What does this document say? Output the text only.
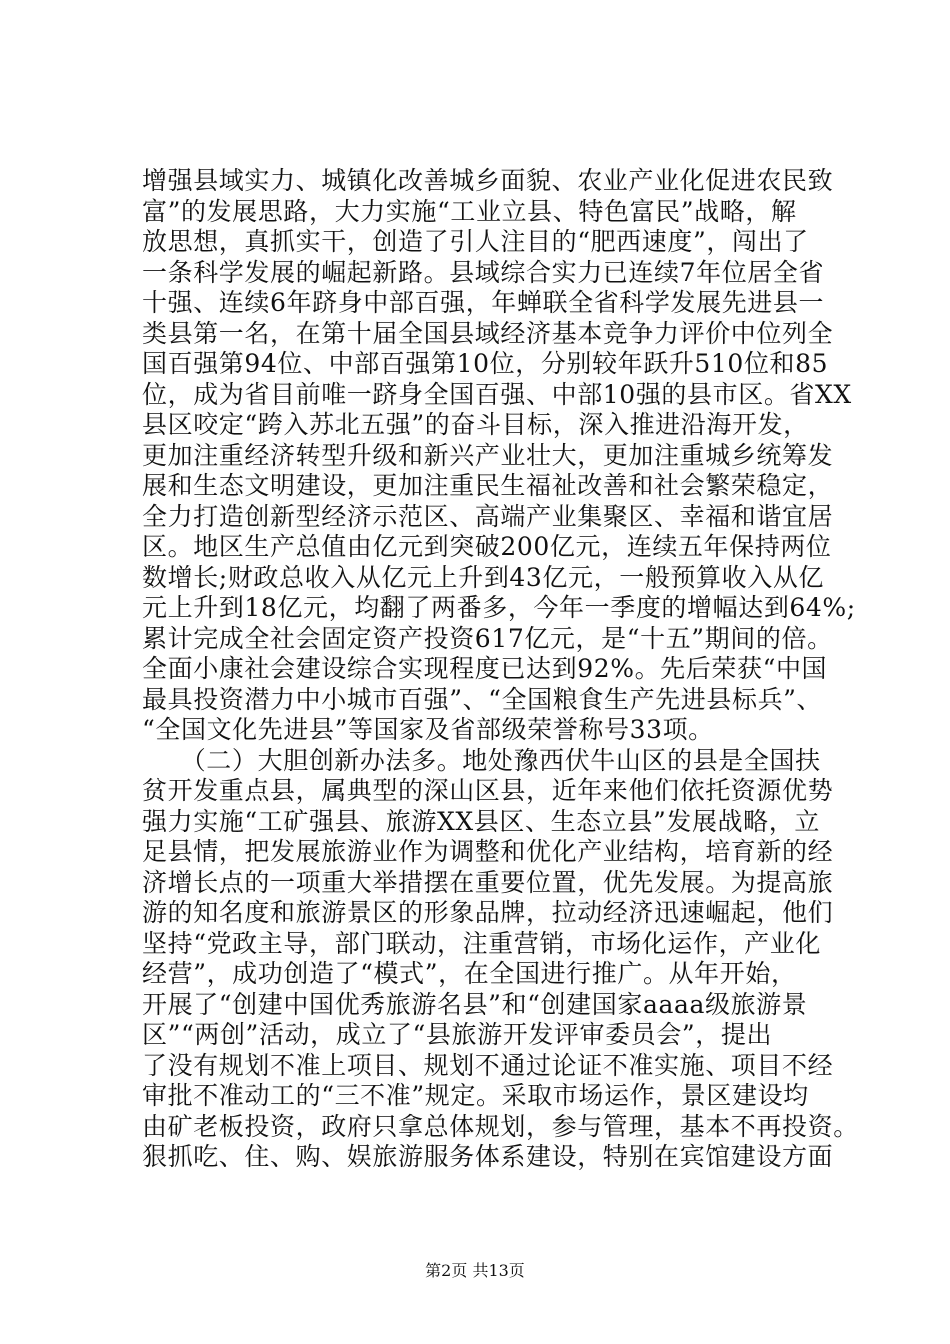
增强县域实力、城镇化改善城乡面貌、农业产业化促进农民致
富”的发展思路，大力实施“工业立县、特色富民”战略，解
放思想，真抓实干，创造了引人注目的“肥西速度”，闯出了
一条科学发展的崛起新路。县域综合实力已连续7年位居全省
十强、连续6年跻身中部百强，年蝉联全省科学发展先进县一
类县第一名，在第十届全国县域经济基本竞争力评价中位列全
国百强第94位、中部百强第10位，分别较年跃升510位和85
位，成为省目前唯一跻身全国百强、中部10强的县市区。省XX
县区咬定“跨入苏北五强”的奋斗目标，深入推进沿海开发，
更加注重经济转型升级和新兴产业壮大，更加注重城乡统筹发
展和生态文明建设，更加注重民生福祉改善和社会繁荣稳定，
全力打造创新型经济示范区、高端产业集聚区、幸福和谐宜居
区。地区生产总值由亿元到突破200亿元，连续五年保持两位
数增长;财政总收入从亿元上升到43亿元，一般预算收入从亿
元上升到18亿元，均翻了两番多，今年一季度的增幅达到64%;
累计完成全社会固定资产投资617亿元，是“十五”期间的倍。
全面小康社会建设综合实现程度已达到92%。先后荣获“中国
最具投资潜力中小城市百强”、“全国粮食生产先进县标兵”、
“全国文化先进县”等国家及省部级荣誉称号33项。
　　（二）大胆创新办法多。地处豫西伏牛山区的县是全国扶
贫开发重点县，属典型的深山区县，近年来他们依托资源优势
强力实施“工矿强县、旅游XX县区、生态立县”发展战略，立
足县情，把发展旅游业作为调整和优化产业结构，培育新的经
济增长点的一项重大举措摆在重要位置，优先发展。为提高旅
游的知名度和旅游景区的形象品牌，拉动经济迅速崛起，他们
坚持“党政主导，部门联动，注重营销，市场化运作，产业化
经营”，成功创造了“模式”，在全国进行推广。从年开始，
开展了“创建中国优秀旅游名县”和“创建国家aaaa级旅游景
区”“两创”活动，成立了“县旅游开发评审委员会”，提出
了没有规划不准上项目、规划不通过论证不准实施、项目不经
审批不准动工的“三不准”规定。采取市场运作，景区建设均
由矿老板投资，政府只拿总体规划，参与管理，基本不再投资。
狠抓吃、住、购、娱旅游服务体系建设，特别在宾馆建设方面
第2页 共13页
